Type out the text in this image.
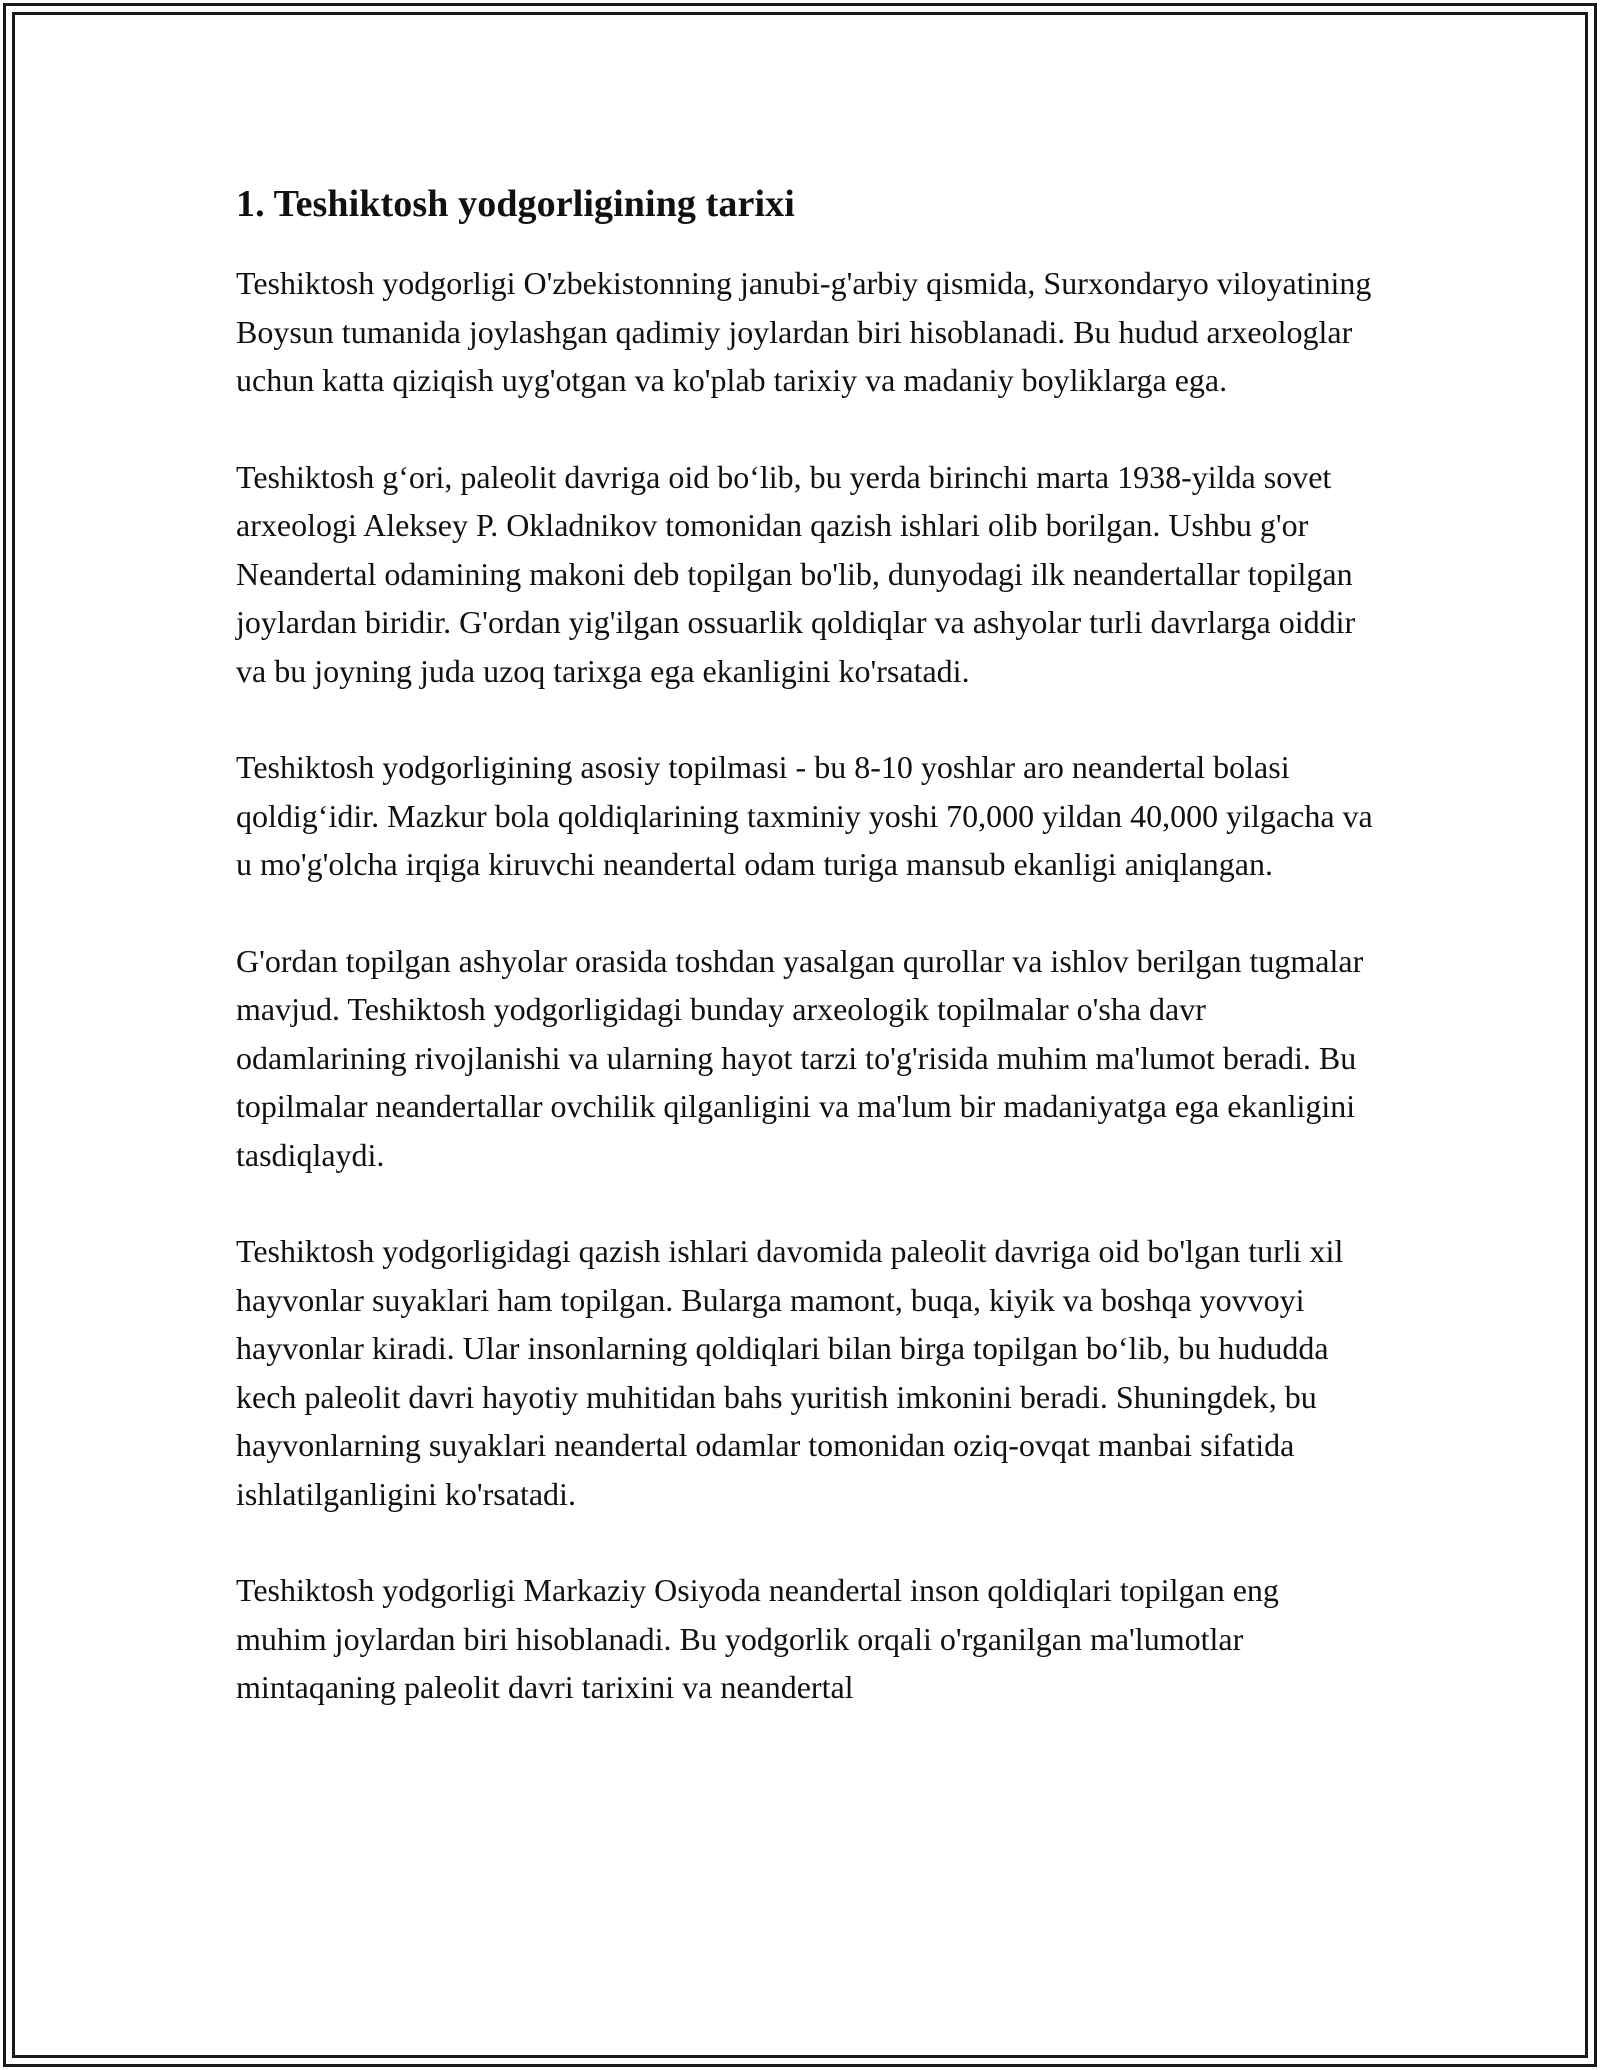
1. Teshiktosh yodgorligining tarixi

Teshiktosh yodgorligi O'zbekistonning janubi-g'arbiy qismida, Surxondaryo viloyatining Boysun tumanida joylashgan qadimiy joylardan biri hisoblanadi. Bu hudud arxeologlar uchun katta qiziqish uyg'otgan va ko'plab tarixiy va madaniy boyliklarga ega.

Teshiktosh g‘ori, paleolit davriga oid bo‘lib, bu yerda birinchi marta 1938-yilda sovet arxeologi Aleksey P. Okladnikov tomonidan qazish ishlari olib borilgan. Ushbu g'or Neandertal odamining makoni deb topilgan bo'lib, dunyodagi ilk neandertallar topilgan joylardan biridir. G'ordan yig'ilgan ossuarlik qoldiqlar va ashyolar turli davrlarga oiddir va bu joyning juda uzoq tarixga ega ekanligini ko'rsatadi.

Teshiktosh yodgorligining asosiy topilmasi - bu 8-10 yoshlar aro neandertal bolasi qoldig‘idir. Mazkur bola qoldiqlarining taxminiy yoshi 70,000 yildan 40,000 yilgacha va u mo'g'olcha irqiga kiruvchi neandertal odam turiga mansub ekanligi aniqlangan.

G'ordan topilgan ashyolar orasida toshdan yasalgan qurollar va ishlov berilgan tugmalar mavjud. Teshiktosh yodgorligidagi bunday arxeologik topilmalar o'sha davr odamlarining rivojlanishi va ularning hayot tarzi to'g'risida muhim ma'lumot beradi. Bu topilmalar neandertallar ovchilik qilganligini va ma'lum bir madaniyatga ega ekanligini tasdiqlaydi.

Teshiktosh yodgorligidagi qazish ishlari davomida paleolit davriga oid bo'lgan turli xil hayvonlar suyaklari ham topilgan. Bularga mamont, buqa, kiyik va boshqa yovvoyi hayvonlar kiradi. Ular insonlarning qoldiqlari bilan birga topilgan bo‘lib, bu hududda kech paleolit davri hayotiy muhitidan bahs yuritish imkonini beradi. Shuningdek, bu hayvonlarning suyaklari neandertal odamlar tomonidan oziq-ovqat manbai sifatida ishlatilganligini ko'rsatadi.

Teshiktosh yodgorligi Markaziy Osiyoda neandertal inson qoldiqlari topilgan eng muhim joylardan biri hisoblanadi. Bu yodgorlik orqali o'rganilgan ma'lumotlar mintaqaning paleolit davri tarixini va neandertal
